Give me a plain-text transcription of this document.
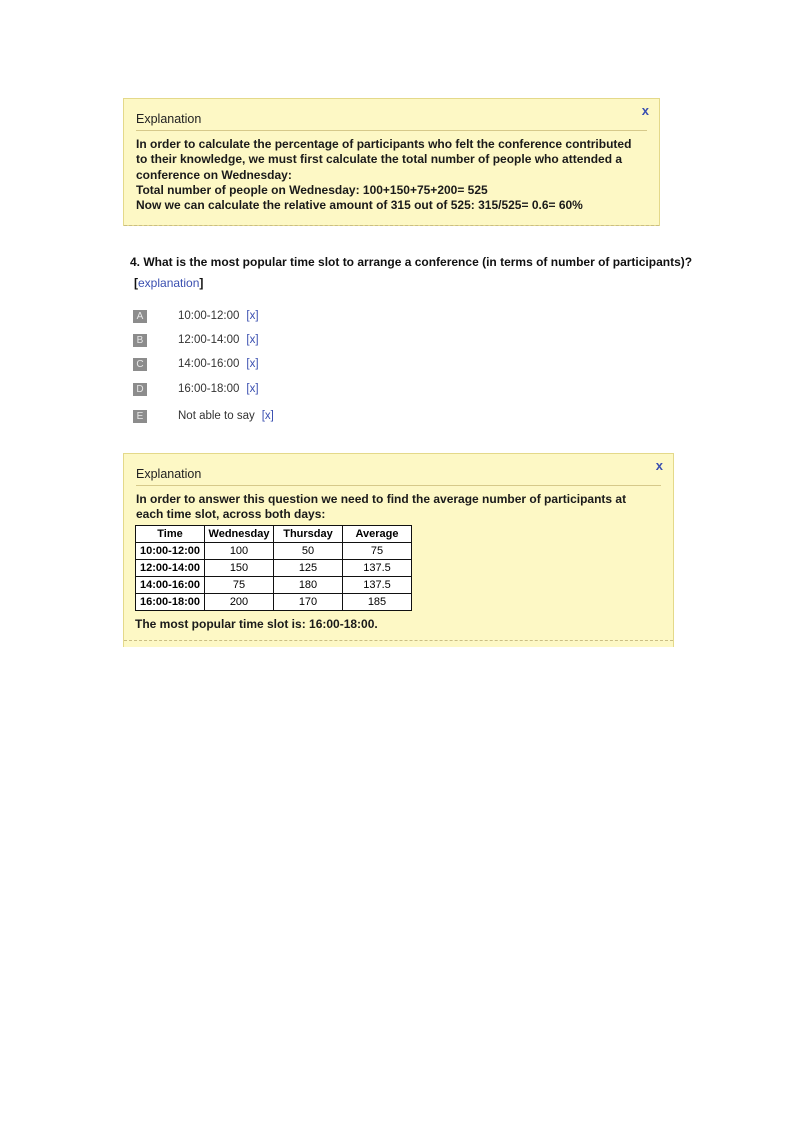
Explanation
x
In order to calculate the percentage of participants who felt the conference contributed
to their knowledge, we must first calculate the total number of people who attended a
conference on Wednesday:
Total number of people on Wednesday: 100+150+75+200= 525
Now we can calculate the relative amount of 315 out of 525: 315/525= 0.6= 60%
4. What is the most popular time slot to arrange a conference (in terms of number of participants)?
[explanation]
A	10:00-12:00 [x]
B	12:00-14:00 [x]
C	14:00-16:00 [x]
D	16:00-18:00 [x]
E	Not able to say [x]
Explanation
x
In order to answer this question we need to find the average number of participants at
each time slot, across both days:
Time	Wednesday	Thursday	Average
10:00-12:00	100	50	75
12:00-14:00	150	125	137.5
14:00-16:00	75	180	137.5
16:00-18:00	200	170	185
The most popular time slot is: 16:00-18:00.
